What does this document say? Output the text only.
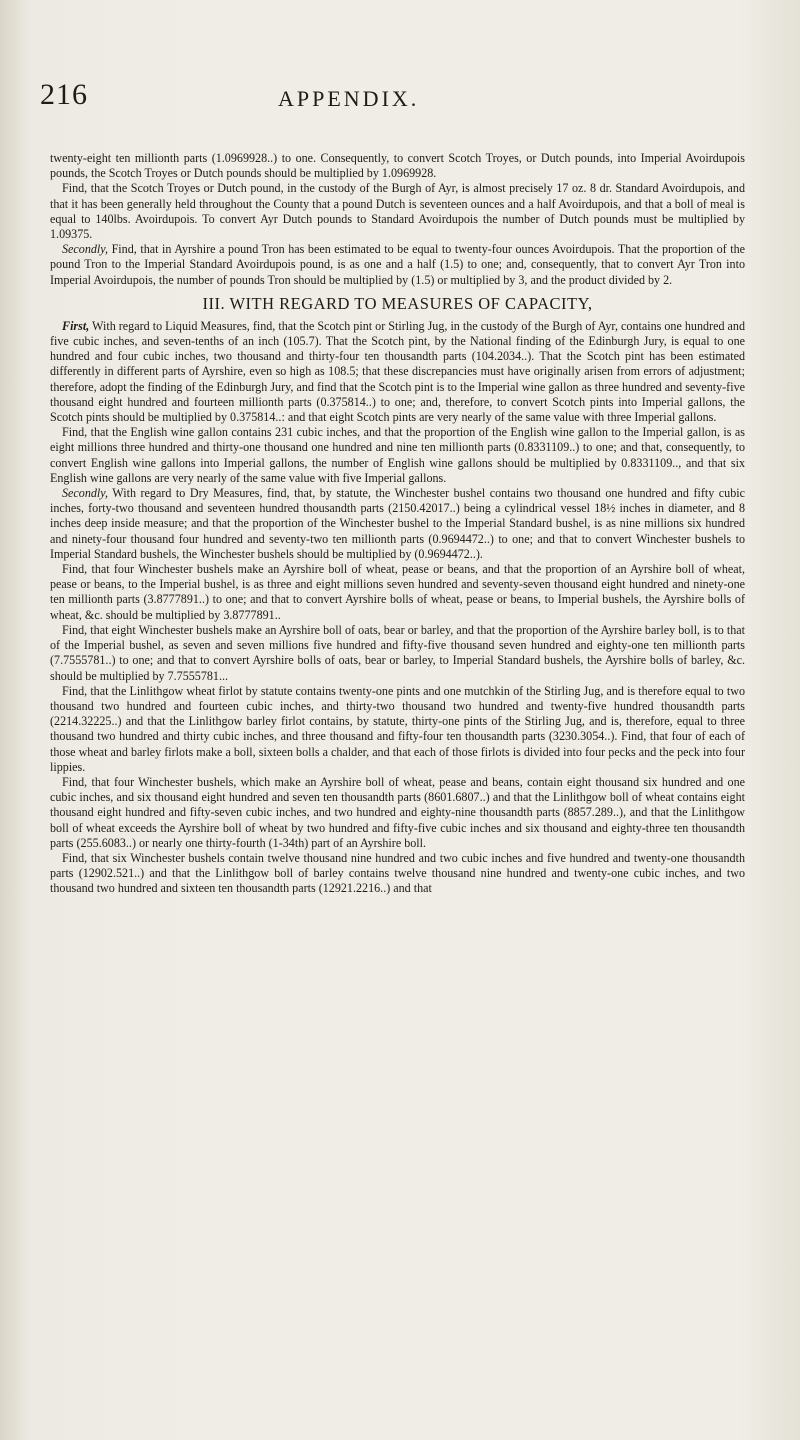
216	APPENDIX.

twenty-eight ten millionth parts (1.0969928..) to one. Consequently, to convert Scotch Troyes, or Dutch pounds, into Imperial Avoirdupois pounds, the Scotch Troyes or Dutch pounds should be multiplied by 1.0969928.

Find, that the Scotch Troyes or Dutch pound, in the custody of the Burgh of Ayr, is almost precisely 17 oz. 8 dr. Standard Avoirdupois, and that it has been generally held throughout the County that a pound Dutch is seventeen ounces and a half Avoirdupois, and that a boll of meal is equal to 140lbs. Avoirdupois. To convert Ayr Dutch pounds to Standard Avoirdupois the number of Dutch pounds must be multiplied by 1.09375.

Secondly, Find, that in Ayrshire a pound Tron has been estimated to be equal to twenty-four ounces Avoirdupois. That the proportion of the pound Tron to the Imperial Standard Avoirdupois pound, is as one and a half (1.5) to one; and, consequently, that to convert Ayr Tron into Imperial Avoirdupois, the number of pounds Tron should be multiplied by (1.5) or multiplied by 3, and the product divided by 2.

III. WITH REGARD TO MEASURES OF CAPACITY,

First, With regard to Liquid Measures, find, that the Scotch pint or Stirling Jug, in the custody of the Burgh of Ayr, contains one hundred and five cubic inches, and seven-tenths of an inch (105.7). That the Scotch pint, by the National finding of the Edinburgh Jury, is equal to one hundred and four cubic inches, two thousand and thirty-four ten thousandth parts (104.2034..). That the Scotch pint has been estimated differently in different parts of Ayrshire, even so high as 108.5; that these discrepancies must have originally arisen from errors of adjustment; therefore, adopt the finding of the Edinburgh Jury, and find that the Scotch pint is to the Imperial wine gallon as three hundred and seventy-five thousand eight hundred and fourteen millionth parts (0.375814..) to one; and, therefore, to convert Scotch pints into Imperial gallons, the Scotch pints should be multiplied by 0.375814..: and that eight Scotch pints are very nearly of the same value with three Imperial gallons.

Find, that the English wine gallon contains 231 cubic inches, and that the proportion of the English wine gallon to the Imperial gallon, is as eight millions three hundred and thirty-one thousand one hundred and nine ten millionth parts (0.8331109..) to one; and that, consequently, to convert English wine gallons into Imperial gallons, the number of English wine gallons should be multiplied by 0.8331109.., and that six English wine gallons are very nearly of the same value with five Imperial gallons.

Secondly, With regard to Dry Measures, find, that, by statute, the Winchester bushel contains two thousand one hundred and fifty cubic inches, forty-two thousand and seventeen hundred thousandth parts (2150.42017..) being a cylindrical vessel 18½ inches in diameter, and 8 inches deep inside measure; and that the proportion of the Winchester bushel to the Imperial Standard bushel, is as nine millions six hundred and ninety-four thousand four hundred and seventy-two ten millionth parts (0.9694472..) to one; and that to convert Winchester bushels to Imperial Standard bushels, the Winchester bushels should be multiplied by (0.9694472..).

Find, that four Winchester bushels make an Ayrshire boll of wheat, pease or beans, and that the proportion of an Ayrshire boll of wheat, pease or beans, to the Imperial bushel, is as three and eight millions seven hundred and seventy-seven thousand eight hundred and ninety-one ten millionth parts (3.8777891..) to one; and that to convert Ayrshire bolls of wheat, pease or beans, to Imperial bushels, the Ayrshire bolls of wheat, &c. should be multiplied by 3.8777891..

Find, that eight Winchester bushels make an Ayrshire boll of oats, bear or barley, and that the proportion of the Ayrshire barley boll, is to that of the Imperial bushel, as seven and seven millions five hundred and fifty-five thousand seven hundred and eighty-one ten millionth parts (7.7555781..) to one; and that to convert Ayrshire bolls of oats, bear or barley, to Imperial Standard bushels, the Ayrshire bolls of barley, &c. should be multiplied by 7.7555781...

Find, that the Linlithgow wheat firlot by statute contains twenty-one pints and one mutchkin of the Stirling Jug, and is therefore equal to two thousand two hundred and fourteen cubic inches, and thirty-two thousand two hundred and twenty-five hundred thousandth parts (2214.32225..) and that the Linlithgow barley firlot contains, by statute, thirty-one pints of the Stirling Jug, and is, therefore, equal to three thousand two hundred and thirty cubic inches, and three thousand and fifty-four ten thousandth parts (3230.3054..). Find, that four of each of those wheat and barley firlots make a boll, sixteen bolls a chalder, and that each of those firlots is divided into four pecks and the peck into four lippies.

Find, that four Winchester bushels, which make an Ayrshire boll of wheat, pease and beans, contain eight thousand six hundred and one cubic inches, and six thousand eight hundred and seven ten thousandth parts (8601.6807..) and that the Linlithgow boll of wheat contains eight thousand eight hundred and fifty-seven cubic inches, and two hundred and eighty-nine thousandth parts (8857.289..), and that the Linlithgow boll of wheat exceeds the Ayrshire boll of wheat by two hundred and fifty-five cubic inches and six thousand and eighty-three ten thousandth parts (255.6083..) or nearly one thirty-fourth (1-34th) part of an Ayrshire boll.

Find, that six Winchester bushels contain twelve thousand nine hundred and two cubic inches and five hundred and twenty-one thousandth parts (12902.521..) and that the Linlithgow boll of barley contains twelve thousand nine hundred and twenty-one cubic inches, and two thousand two hundred and sixteen ten thousandth parts (12921.2216..) and that
